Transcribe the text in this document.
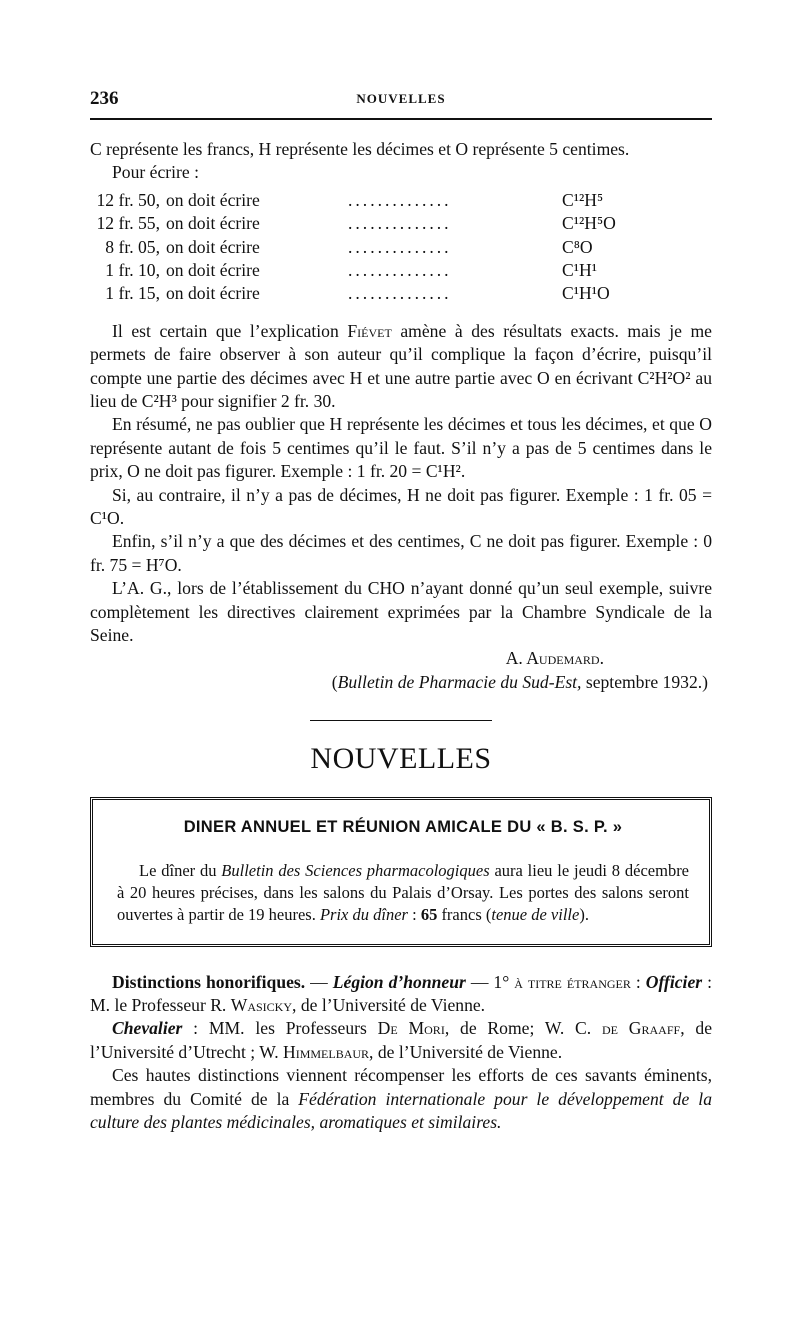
236	NOUVELLES

C représente les francs, H représente les décimes et O représente 5 centimes.

Pour écrire :

12 fr. 50, on doit écrire	..............	C¹²H⁵
12 fr. 55, on doit écrire	..............	C¹²H⁵O
8 fr. 05, on doit écrire	..............	C⁸O
1 fr. 10, on doit écrire	..............	C¹H¹
1 fr. 15, on doit écrire	..............	C¹H¹O

Il est certain que l’explication Fiévet amène à des résultats exacts. mais je me permets de faire observer à son auteur qu’il complique la façon d’écrire, puisqu’il compte une partie des décimes avec H et une autre partie avec O en écrivant C²H²O² au lieu de C²H³ pour signifier 2 fr. 30.

En résumé, ne pas oublier que H représente les décimes et tous les décimes, et que O représente autant de fois 5 centimes qu’il le faut. S’il n’y a pas de 5 centimes dans le prix, O ne doit pas figurer. Exemple : 1 fr. 20 = C¹H².

Si, au contraire, il n’y a pas de décimes, H ne doit pas figurer. Exemple : 1 fr. 05 = C¹O.

Enfin, s’il n’y a que des décimes et des centimes, C ne doit pas figurer. Exemple : 0 fr. 75 = H⁷O.

L’A. G., lors de l’établissement du CHO n’ayant donné qu’un seul exemple, suivre complètement les directives clairement exprimées par la Chambre Syndicale de la Seine.

A. Audemard.

(Bulletin de Pharmacie du Sud-Est, septembre 1932.)

NOUVELLES
DINER ANNUEL ET RÉUNION AMICALE DU « B. S. P. »

Le dîner du Bulletin des Sciences pharmacologiques aura lieu le jeudi 8 décembre à 20 heures précises, dans les salons du Palais d’Orsay. Les portes des salons seront ouvertes à partir de 19 heures. Prix du dîner : 65 francs (tenue de ville).

Distinctions honorifiques. — Légion d’honneur — 1° à titre étranger : Officier : M. le Professeur R. Wasicky, de l’Université de Vienne.

Chevalier : MM. les Professeurs De Mori, de Rome; W. C. de Graaff, de l’Université d’Utrecht ; W. Himmelbaur, de l’Université de Vienne.

Ces hautes distinctions viennent récompenser les efforts de ces savants éminents, membres du Comité de la Fédération internationale pour le développement de la culture des plantes médicinales, aromatiques et similaires.
